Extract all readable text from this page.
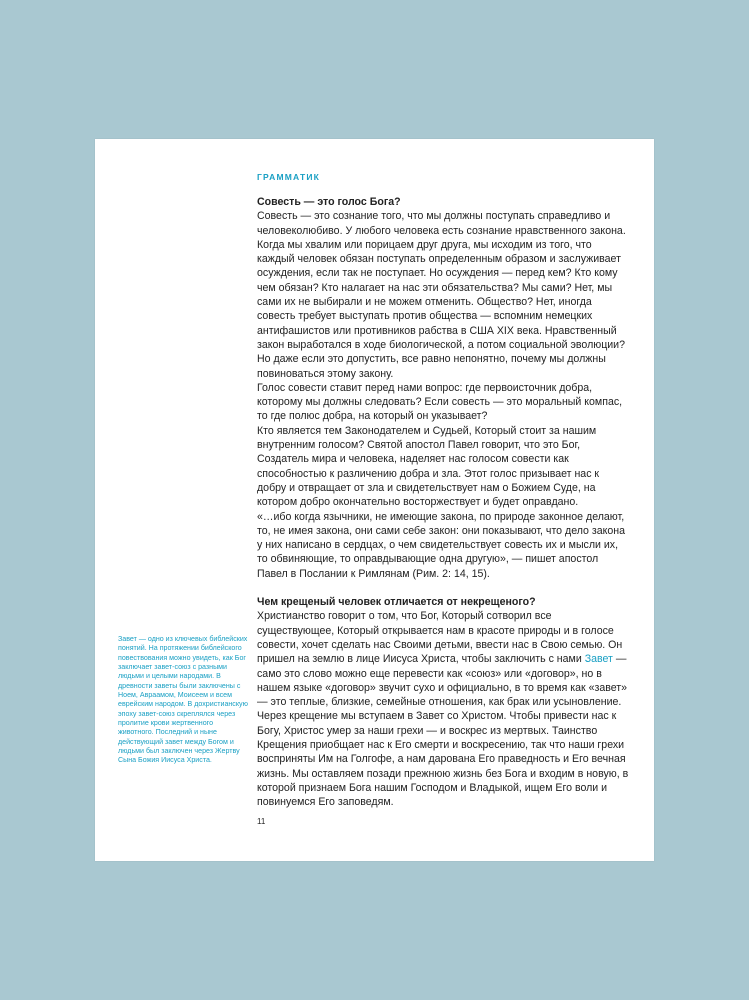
ГРАММАТИК
Совесть — это голос Бога?

Совесть — это сознание того, что мы должны поступать справедливо и человеколюбиво. У любого человека есть сознание нравственного закона. Когда мы хвалим или порицаем друг друга, мы исходим из того, что каждый человек обязан поступать определенным образом и заслуживает осуждения, если так не поступает. Но осуждения — перед кем? Кто кому чем обязан? Кто налагает на нас эти обязательства? Мы сами? Нет, мы сами их не выбирали и не можем отменить. Общество? Нет, иногда совесть требует выступать против общества — вспомним немецких антифашистов или противников рабства в США XIX века. Нравственный закон выработался в ходе биологической, а потом социальной эволюции? Но даже если это допустить, все равно непонятно, почему мы должны повиноваться этому закону.

Голос совести ставит перед нами вопрос: где первоисточник добра, которому мы должны следовать? Если совесть — это моральный компас, то где полюс добра, на который он указывает?

Кто является тем Законодателем и Судьей, Который стоит за нашим внутренним голосом? Святой апостол Павел говорит, что это Бог, Создатель мира и человека, наделяет нас голосом совести как способностью к различению добра и зла. Этот голос призывает нас к добру и отвращает от зла и свидетельствует нам о Божием Суде, на котором добро окончательно восторжествует и будет оправдано.

«…ибо когда язычники, не имеющие закона, по природе законное делают, то, не имея закона, они сами себе закон: они показывают, что дело закона у них написано в сердцах, о чем свидетельствует совесть их и мысли их, то обвиняющие, то оправдывающие одна другую», — пишет апостол Павел в Послании к Римлянам (Рим. 2: 14, 15).

Чем крещеный человек отличается от некрещеного?

Христианство говорит о том, что Бог, Который сотворил все существующее, Который открывается нам в красоте природы и в голосе совести, хочет сделать нас Своими детьми, ввести нас в Свою семью. Он пришел на землю в лице Иисуса Христа, чтобы заключить с нами Завет — само это слово можно еще перевести как «союз» или «договор», но в нашем языке «договор» звучит сухо и официально, в то время как «завет» — это теплые, близкие, семейные отношения, как брак или усыновление.

Через крещение мы вступаем в Завет со Христом. Чтобы привести нас к Богу, Христос умер за наши грехи — и воскрес из мертвых. Таинство Крещения приобщает нас к Его смерти и воскресению, так что наши грехи восприняты Им на Голгофе, а нам дарована Его праведность и Его вечная жизнь. Мы оставляем позади прежнюю жизнь без Бога и входим в новую, в которой признаем Бога нашим Господом и Владыкой, ищем Его воли и повинуемся Его заповедям.

Завет — одно из ключевых библейских понятий. На протяжении библейского повествования можно увидеть, как Бог заключает завет-союз с разными людьми и целыми народами. В древности заветы были заключены с Ноем, Авраамом, Моисеем и всем еврейским народом. В дохристианскую эпоху завет-союз скреплялся через пролитие крови жертвенного животного. Последний и ныне действующий завет между Богом и людьми был заключен через Жертву Сына Божия Иисуса Христа.
11
